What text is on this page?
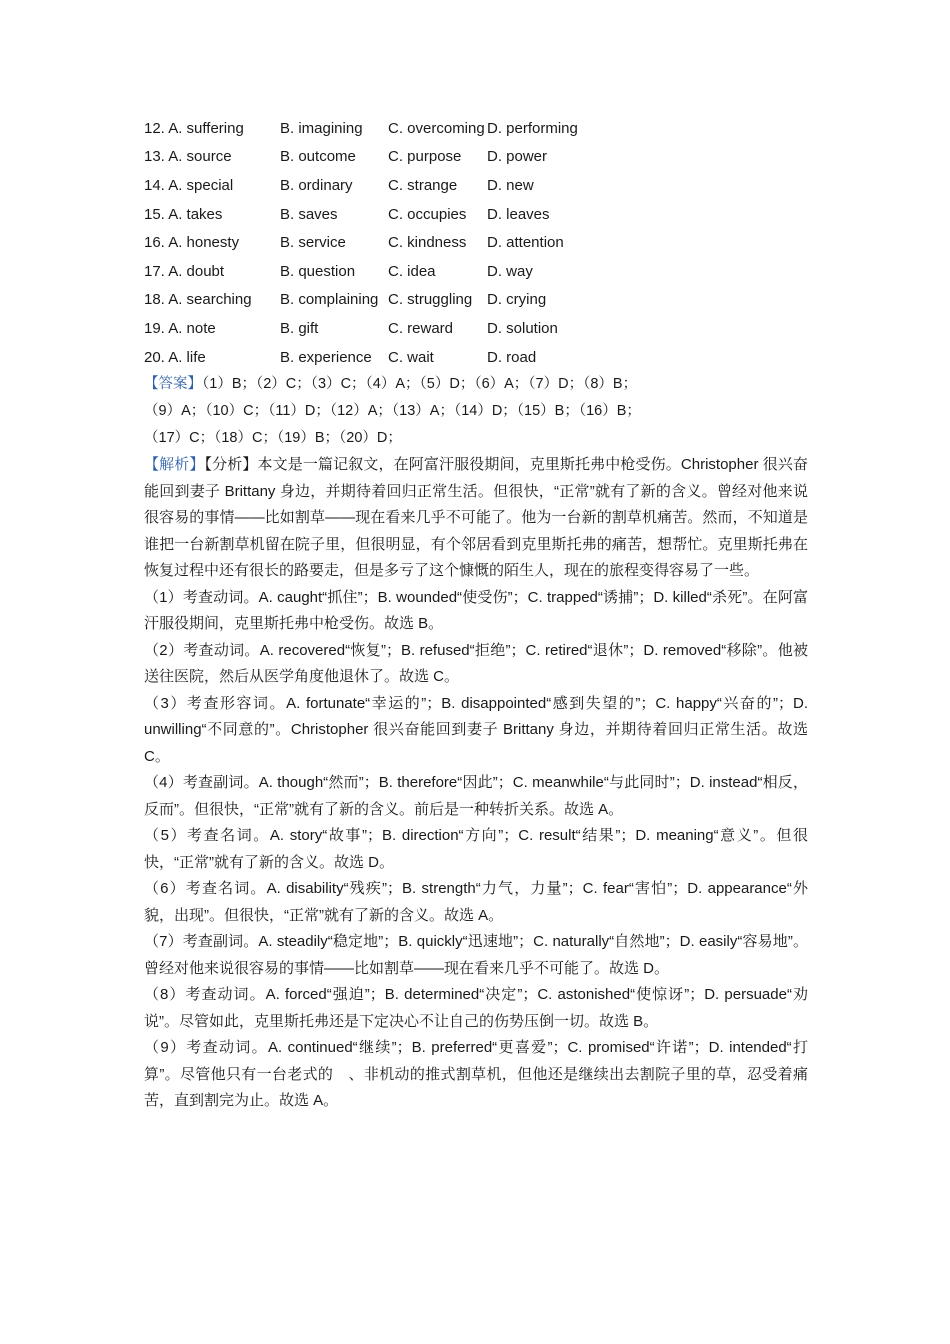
12. A. suffering	B. imagining	C. overcoming D. performing
13. A. source	B. outcome	C. purpose	D. power
14. A. special	B. ordinary	C. strange	D. new
15. A. takes	B. saves	C. occupies	D. leaves
16. A. honesty	B. service	C. kindness	D. attention
17. A. doubt	B. question	C. idea	D. way
18. A. searching	B. complaining C. struggling D. crying
19. A. note	B. gift	C. reward	D. solution
20. A. life	B. experience	C. wait	D. road
【答案】（1）B；（2）C；（3）C；（4）A；（5）D；（6）A；（7）D；（8）B；
（9）A；（10）C；（11）D；（12）A；（13）A；（14）D；（15）B；（16）B；
（17）C；（18）C；（19）B；（20）D；
【解析】【分析】本文是一篇记叙文，在阿富汗服役期间，克里斯托弗中枪受伤。Christopher 很兴奋能回到妻子 Brittany 身边，并期待着回归正常生活。但很快，“正常”就有了新的含义。曾经对他来说很容易的事情——比如割草——现在看来几乎不可能了。他为一台新的割草机痛苦。然而，不知道是谁把一台新割草机留在院子里，但很明显，有个邻居看到克里斯托弗的痛苦，想帮忙。克里斯托弗在恢复过程中还有很长的路要走，但是多亏了这个慷慨的陌生人，现在的旅程变得容易了一些。
（1）考查动词。A. caught“抓住”；B. wounded“使受伤”；C. trapped“诱捕”；D. killed“杀死”。在阿富汗服役期间，克里斯托弗中枪受伤。故选 B。
（2）考查动词。A. recovered“恢复”；B. refused“拒绝”；C. retired“退休”；D. removed“移除”。他被送往医院，然后从医学角度他退休了。故选 C。
（3）考查形容词。A. fortunate“幸运的”；B. disappointed“感到失望的”；C. happy“兴奋的”；D. unwilling“不同意的”。Christopher 很兴奋能回到妻子 Brittany 身边，并期待着回归正常生活。故选 C。
（4）考查副词。A. though“然而”；B. therefore“因此”；C. meanwhile“与此同时”；D. instead“相反，反而”。但很快，“正常”就有了新的含义。前后是一种转折关系。故选 A。
（5）考查名词。A. story“故事”；B. direction“方向”；C. result“结果”；D. meaning“意义”。但很快，“正常”就有了新的含义。故选 D。
（6）考查名词。A. disability“残疾”；B. strength“力气，力量”；C. fear“害怕”；D. appearance“外貌，出现”。但很快，“正常”就有了新的含义。故选 A。
（7）考查副词。A. steadily“稳定地”；B. quickly“迅速地”；C. naturally“自然地”；D. easily“容易地”。曾经对他来说很容易的事情——比如割草——现在看来几乎不可能了。故选 D。
（8）考查动词。A. forced“强迫”；B. determined“决定”；C. astonished“使惊讶”；D. persuade“劝说”。尽管如此，克里斯托弗还是下定决心不让自己的伤势压倒一切。故选 B。
（9）考查动词。A. continued“继续”；B. preferred“更喜爱”；C. promised“许诺”；D. intended“打算”。尽管他只有一台老式的　、非机动的推式割草机，但他还是继续出去割院子里的草，忍受着痛苦，直到割完为止。故选 A。
